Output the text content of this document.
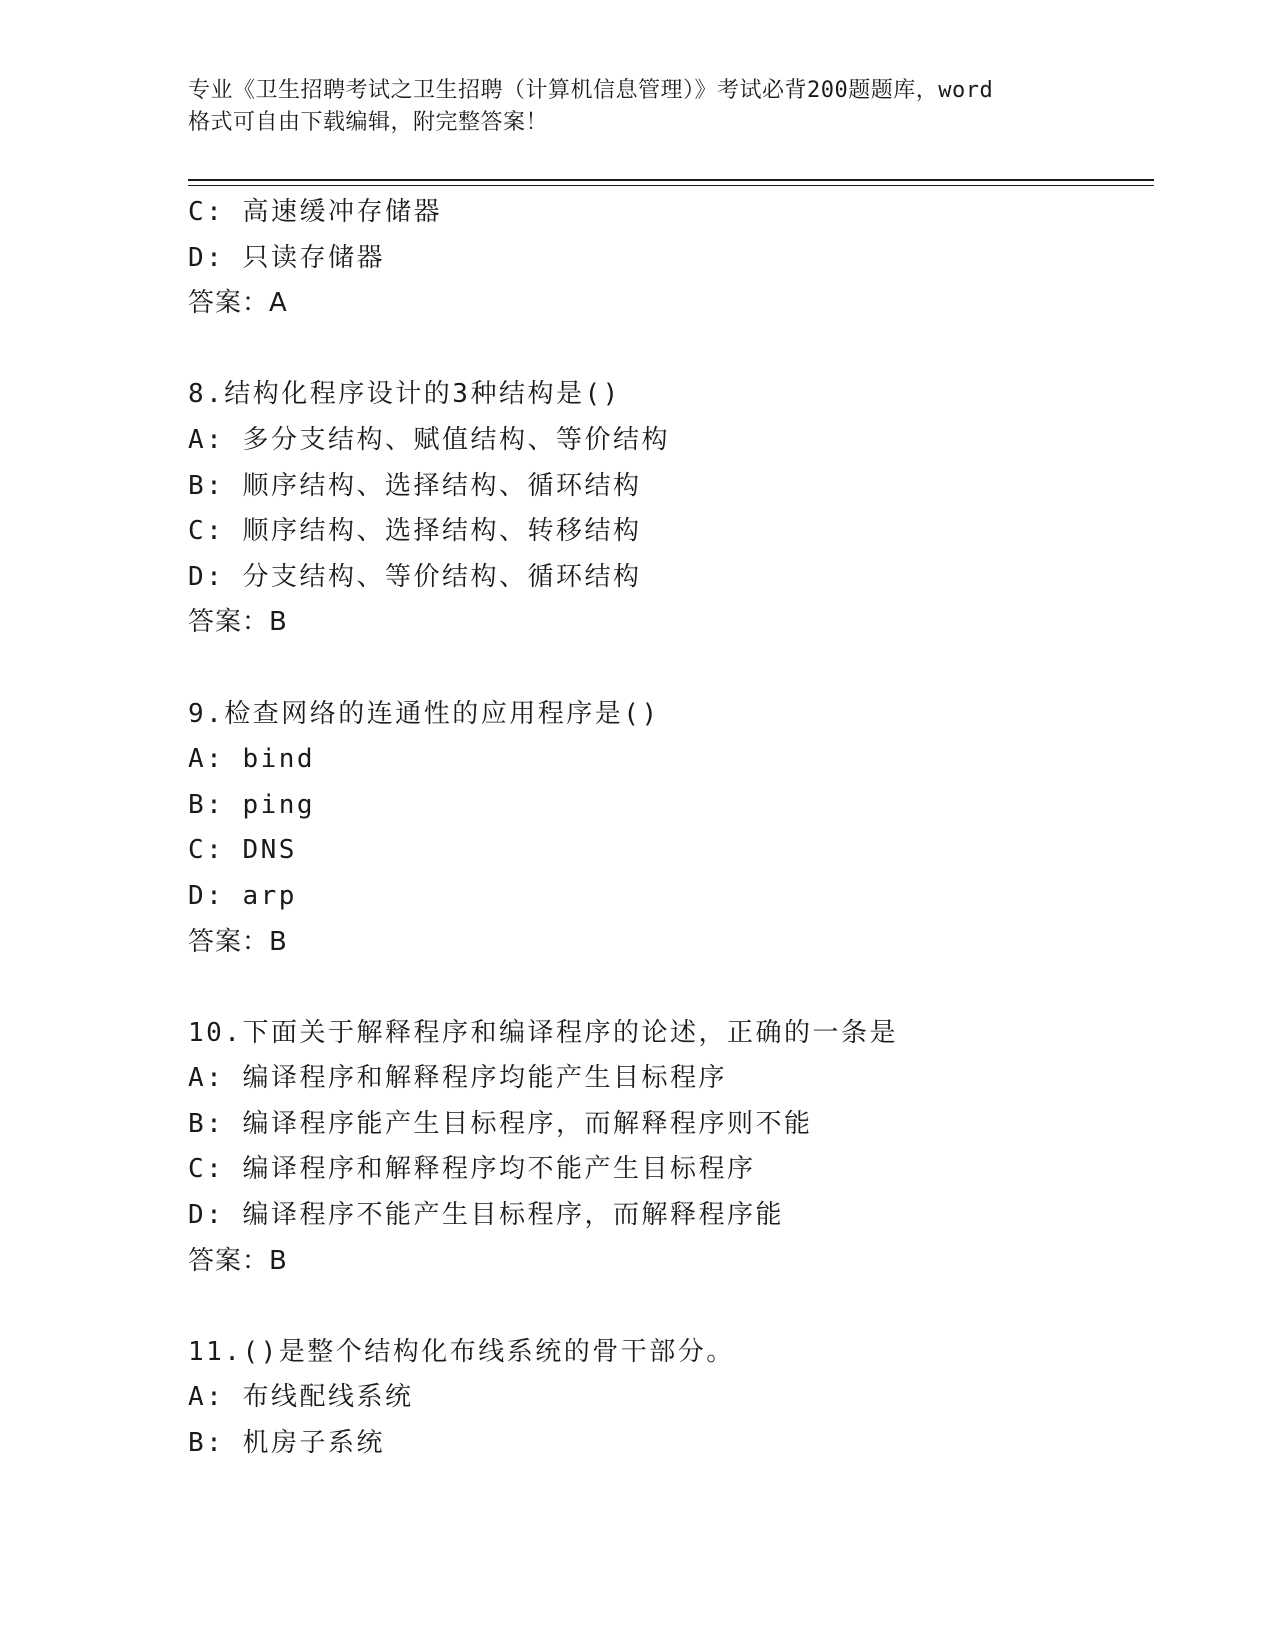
专业《卫生招聘考试之卫生招聘（计算机信息管理）》考试必背200题题库，word
格式可自由下载编辑，附完整答案！
C: 高速缓冲存储器
D: 只读存储器
答案：A
8.结构化程序设计的3种结构是()
A: 多分支结构、赋值结构、等价结构
B: 顺序结构、选择结构、循环结构
C: 顺序结构、选择结构、转移结构
D: 分支结构、等价结构、循环结构
答案：B
9.检查网络的连通性的应用程序是()
A: bind
B: ping
C: DNS
D: arp
答案：B
10.下面关于解释程序和编译程序的论述，正确的一条是
A: 编译程序和解释程序均能产生目标程序
B: 编译程序能产生目标程序，而解释程序则不能
C: 编译程序和解释程序均不能产生目标程序
D: 编译程序不能产生目标程序，而解释程序能
答案：B
11.()是整个结构化布线系统的骨干部分。
A: 布线配线系统
B: 机房子系统
